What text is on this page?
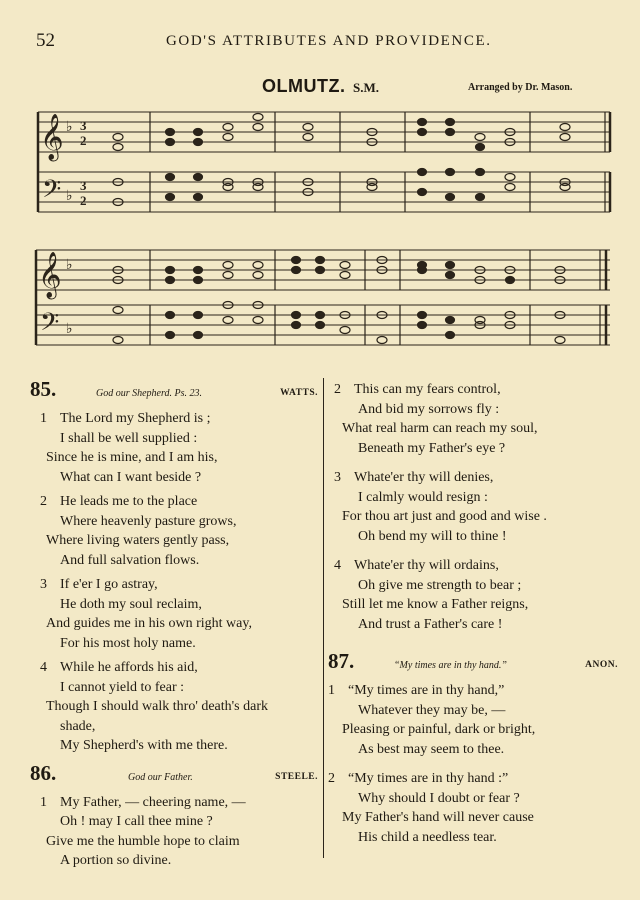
52	GOD'S ATTRIBUTES AND PROVIDENCE.
OLMUTZ. S.M.	Arranged by Dr. Mason.
𝄞
𝄢
♭
♭
3
2
3
2
𝄞
𝄢
♭
♭
85.	God our Shepherd. Ps. 23.	WATTS.
1 The Lord my Shepherd is ;
I shall be well supplied :
Since he is mine, and I am his,
What can I want beside ?
2 He leads me to the place
Where heavenly pasture grows,
Where living waters gently pass,
And full salvation flows.
3 If e'er I go astray,
He doth my soul reclaim,
And guides me in his own right way,
For his most holy name.
4 While he affords his aid,
I cannot yield to fear :
Though I should walk thro' death's dark
shade,
My Shepherd's with me there.
86.	God our Father.	STEELE.
1 My Father, — cheering name, —
Oh ! may I call thee mine ?
Give me the humble hope to claim
A portion so divine.
2 This can my fears control,
And bid my sorrows fly :
What real harm can reach my soul,
Beneath my Father's eye ?
3 Whate'er thy will denies,
I calmly would resign :
For thou art just and good and wise .
Oh bend my will to thine !
4 Whate'er thy will ordains,
Oh give me strength to bear ;
Still let me know a Father reigns,
And trust a Father's care !
87.	“My times are in thy hand.”	ANON.
1 “My times are in thy hand,”
Whatever they may be, —
Pleasing or painful, dark or bright,
As best may seem to thee.
2 “My times are in thy hand :”
Why should I doubt or fear ?
My Father's hand will never cause
His child a needless tear.
